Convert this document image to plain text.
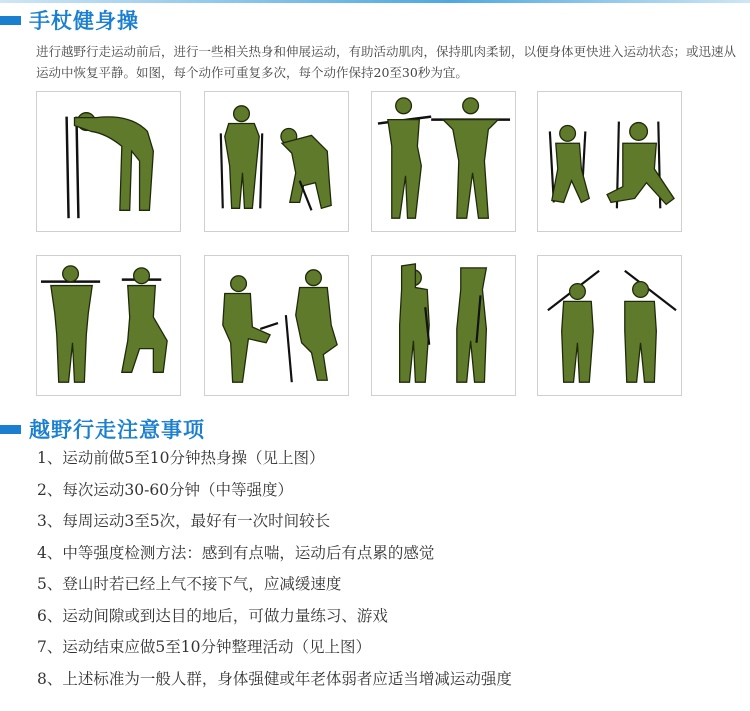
手杖健身操
进行越野行走运动前后，进行一些相关热身和伸展运动，有助活动肌肉，保持肌肉柔韧，以便身体更快进入运动状态；或迅速从运动中恢复平静。如图，每个动作可重复多次，每个动作保持20至30秒为宜。
越野行走注意事项
1、运动前做5至10分钟热身操（见上图）
2、每次运动30-60分钟（中等强度）
3、每周运动3至5次，最好有一次时间较长
4、中等强度检测方法：感到有点喘，运动后有点累的感觉
5、登山时若已经上气不接下气，应减缓速度
6、运动间隙或到达目的地后，可做力量练习、游戏
7、运动结束应做5至10分钟整理活动（见上图）
8、上述标准为一般人群，身体强健或年老体弱者应适当增减运动强度
